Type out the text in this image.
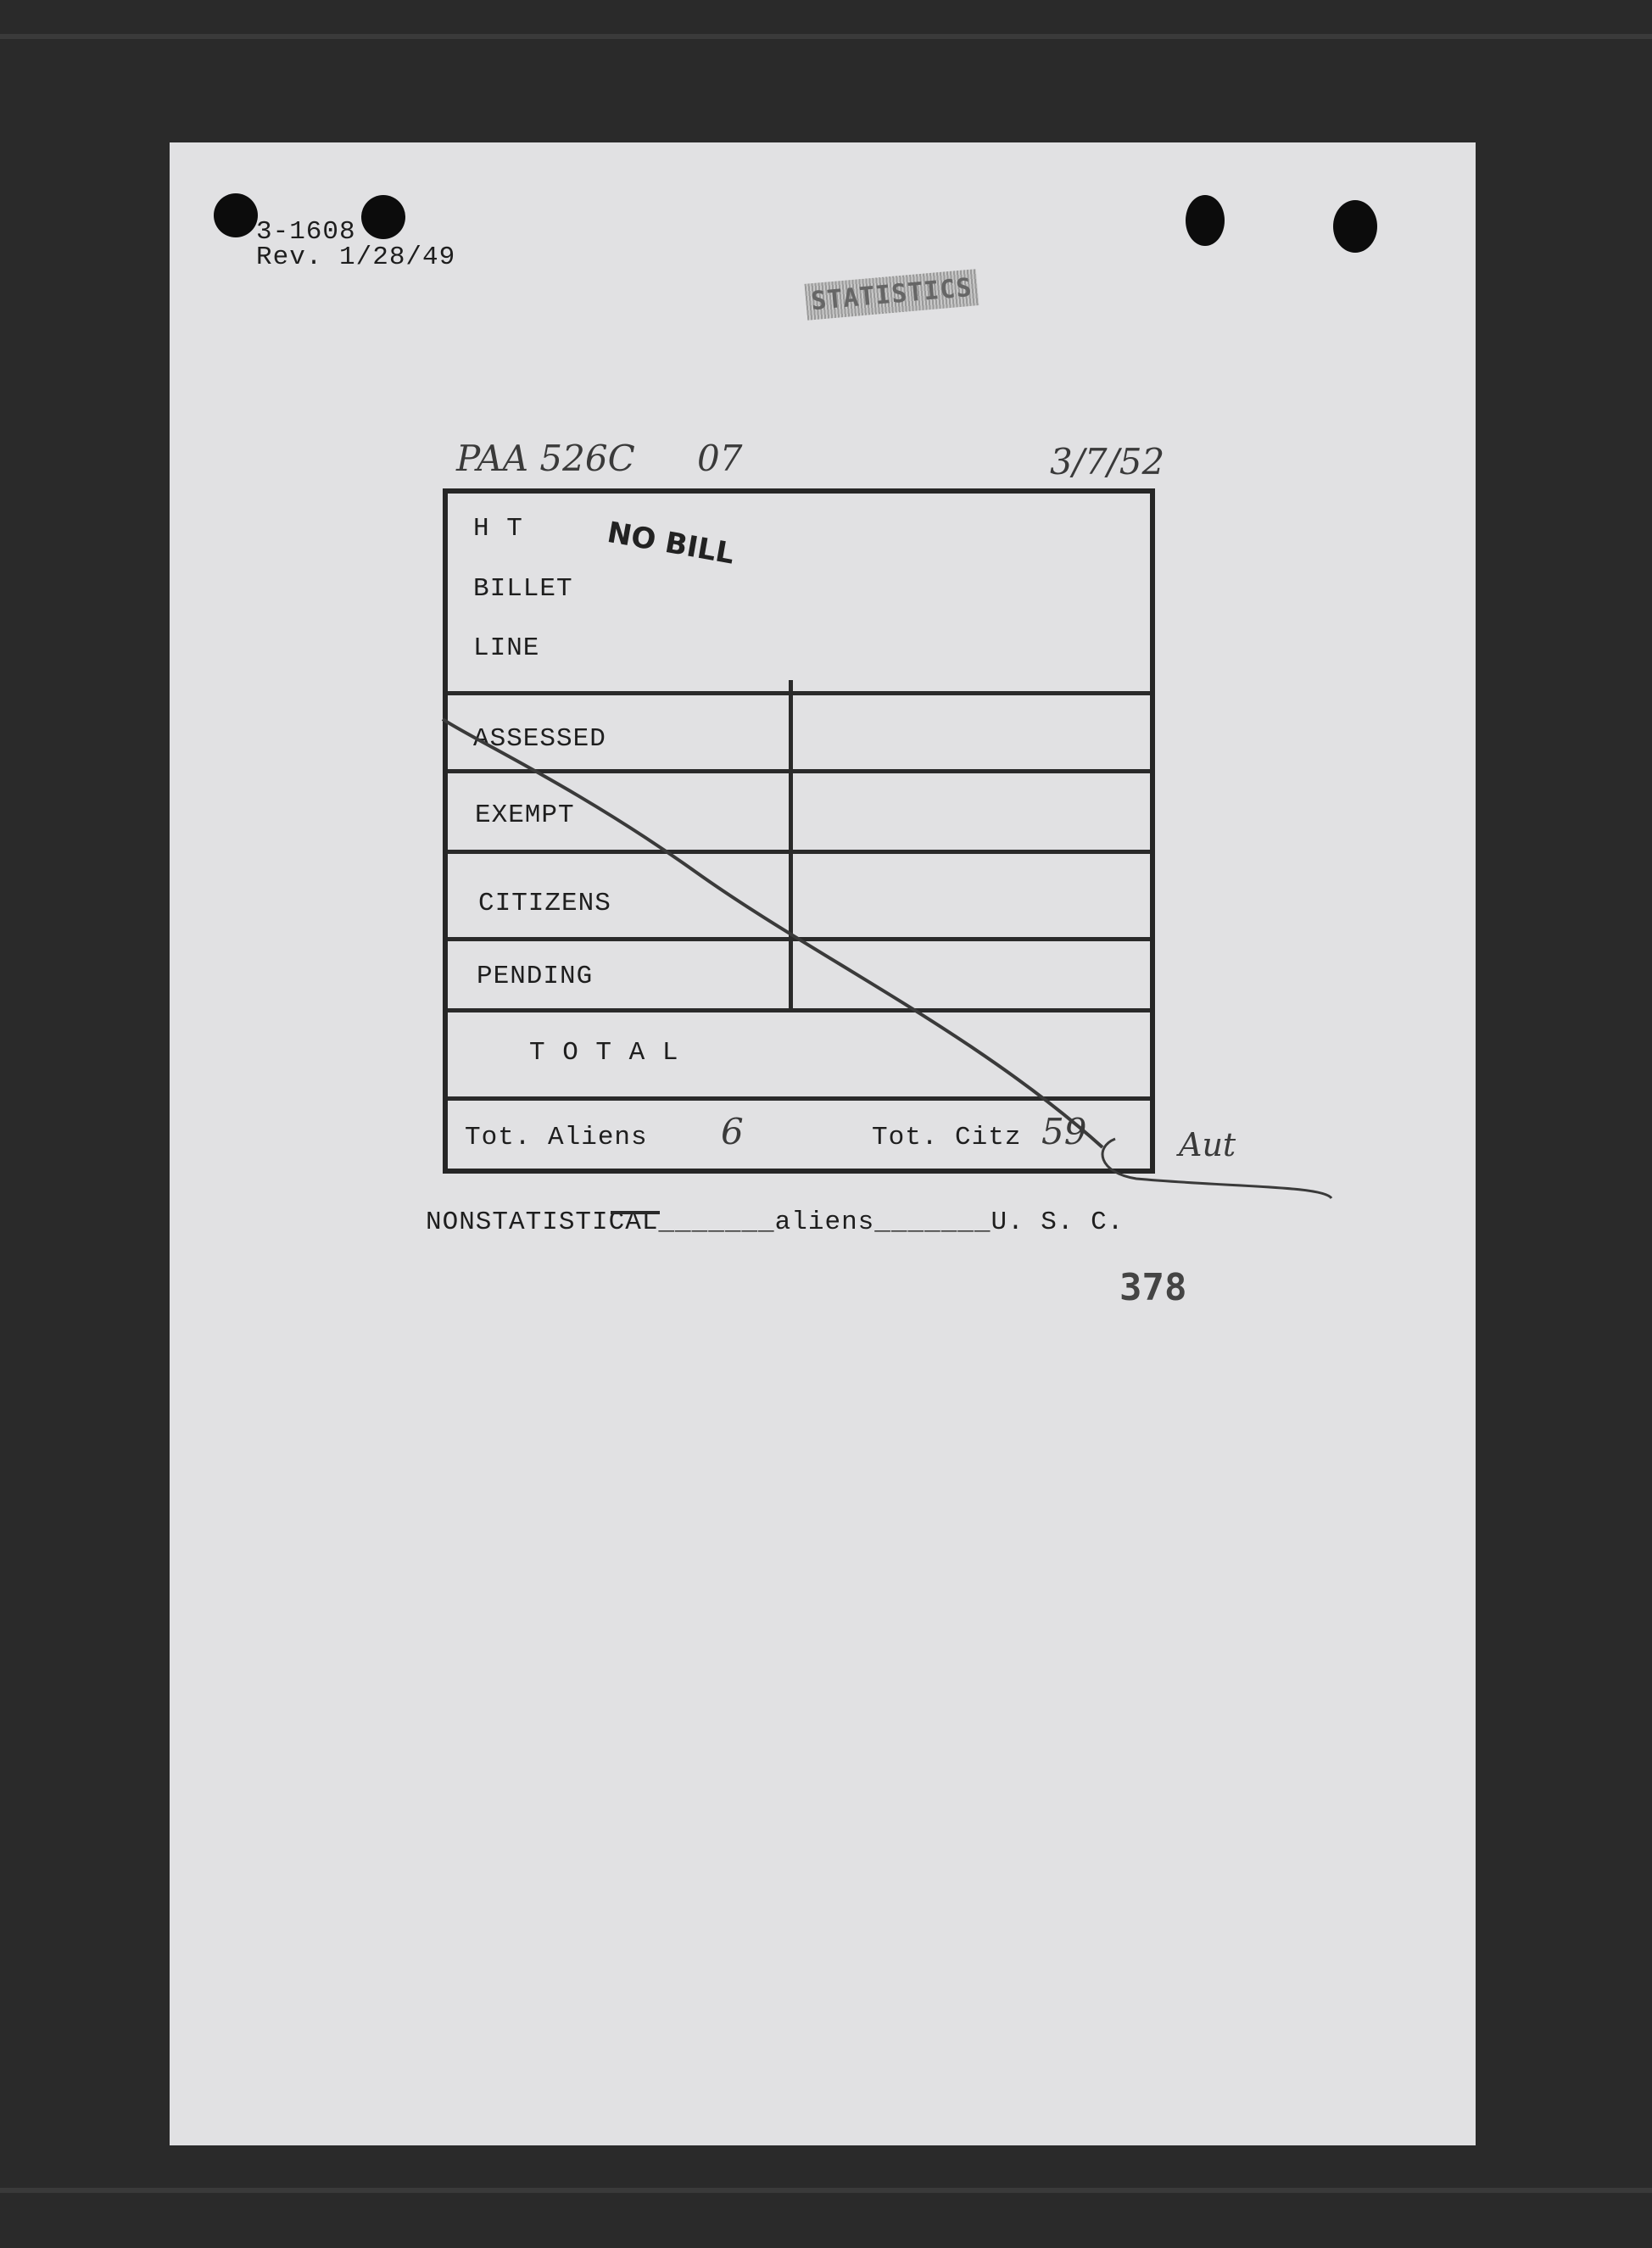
3-1608
Rev. 1/28/49
STATISTICS
NO BILL
PAA 526C 07	3/7/52
H T
BILLET
LINE
ASSESSED
EXEMPT
CITIZENS
PENDING
T O T A L
Tot. Aliens 6	Tot. Citz 59	Aut
NONSTATISTICAL_______aliens_______U. S. C.
378
